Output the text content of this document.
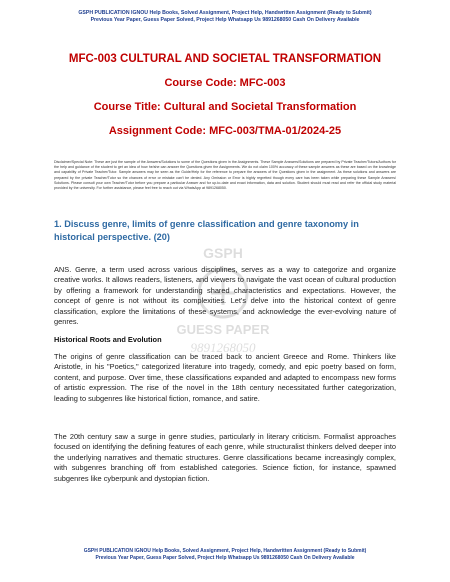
GSPH PUBLICATION IGNOU Help Books, Solved Assignment, Project Help, Handwritten Assignment (Ready to Submit)
Previous Year Paper, Guess Paper Solved, Project Help Whatsapp Us 9891268050 Cash On Delivery Available
MFC-003 CULTURAL AND SOCIETAL TRANSFORMATION
Course Code: MFC-003
Course Title: Cultural and Societal Transformation
Assignment Code: MFC-003/TMA-01/2024-25
Disclaimer/Special Note: These are just the sample of the Answers/Solutions to some of the Questions given in the Assignments. These Sample Answers/Solutions are prepared by Private Teacher/Tutors/Authors for the help and guidance of the student to get an idea of how he/she can answer the Questions given the Assignments. We do not claim 100% accuracy of these sample answers as these are based on the knowledge and capability of Private Teacher/Tutor. Sample answers may be seen as the Guide/Help for the reference to prepare the answers of the Questions given in the assignment. As these solutions and answers are prepared by the private Teacher/Tutor so the chances of error or mistake can't be denied. Any Omission or Error is highly regretted though every care has been taken while preparing these Sample Answers/ Solutions. Please consult your own Teacher/Tutor before you prepare a particular Answer and for up-to-date and exact information, data and solution. Student should must read and refer the official study material provided by the university. For further assistance, please feel free to reach out via WhatsApp at 9891268050.
1. Discuss genre, limits of genre classification and genre taxonomy in historical perspective. (20)
GSPH
GUESS PAPER
9891268050

ANS. Genre, a term used across various disciplines, serves as a way to categorize and organize creative works. It allows readers, listeners, and viewers to navigate the vast ocean of cultural production by offering a framework for understanding shared characteristics and expectations. However, the concept of genre is not without its complexities. Let's delve into the historical context of genre classification, explore the limitations of these systems, and acknowledge the ever-evolving nature of genres.

Historical Roots and Evolution

The origins of genre classification can be traced back to ancient Greece and Rome. Thinkers like Aristotle, in his "Poetics," categorized literature into tragedy, comedy, and epic poetry based on form, content, and purpose. Over time, these classifications expanded and adapted to encompass new forms of artistic expression. The rise of the novel in the 18th century necessitated further categorization, leading to subgenres like historical fiction, romance, and satire.

The 20th century saw a surge in genre studies, particularly in literary criticism. Formalist approaches focused on identifying the defining features of each genre, while structuralist thinkers delved deeper into the underlying narratives and thematic structures. Genre classifications became increasingly complex, with subgenres branching off from established categories. Science fiction, for instance, spawned subgenres like cyberpunk and dystopian fiction.

GSPH PUBLICATION IGNOU Help Books, Solved Assignment, Project Help, Handwritten Assignment (Ready to Submit)
Previous Year Paper, Guess Paper Solved, Project Help Whatsapp Us 9891268050 Cash On Delivery Available
